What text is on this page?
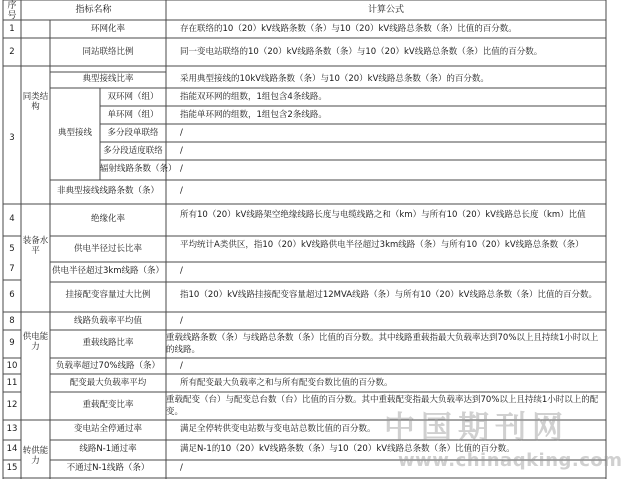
序号
指标名称	计算公式
同类结构
装备水平
供电能力
转供能力
典型接线
1
2
3
4
5
7
6
8
9
10
11
12
13
14
15
环网化率
同站联络比例
典型接线比率
双环网（组）
单环网（组）
多分段单联络
多分段适度联络
辐射线路条数（条）
非典型接线线路条数（条）
绝缘化率
供电半径过长比率
供电半径超过3km线路（条）
挂接配变容量过大比例
线路负载率平均值
重载线路比率
负载率超过70%线路（条）
配变最大负载率平均
重载配变比率
变电站全停通过率
线路N-1通过率
不通过N-1线路（条）
存在联络的10（20）kV线路条数（条）与10（20）kV线路总条数（条）比值的百分数。
同一变电站联络的10（20）kV线路条数（条）与10（20）kV线路总条数（条）比值的百分数。
采用典型接线的10kV线路条数（条）与10（20）kV线路总条数（条）的百分数。
指能双环网的组数，1组包含4条线路。
指能单环网的组数，1组包含2条线路。
/
/
/
/
所有10（20）kV线路架空绝缘线路长度与电缆线路之和（km）与所有10（20）kV线路总长度（km）比值
平均统计A类供区，指10（20）kV线路供电半径超过3km线路（条）与所有10（20）kV线路总条数（条）
/
指10（20）kV线路挂接配变容量超过12MVA线路（条）与所有10（20）kV线路总条数（条）比值的百分数。
/
重载线路条数（条）与线路总条数（条）比值的百分数。其中线路重载指最大负载率达到70%以上且持续1小时以上的线路。
/
所有配变最大负载率之和与所有配变台数比值的百分数。
重载配变（台）与配变总台数（台）比值的百分数。其中重载配变指最大负载率达到70%以上且持续1小时以上的配变。
满足全停转供变电站数与变电站总数比值的百分数。
满足N-1的10（20）kV线路条数（条）与10（20）kV线路总条数（条）比值的百分数。
/
中国期刊网
www.chinaqking.com
